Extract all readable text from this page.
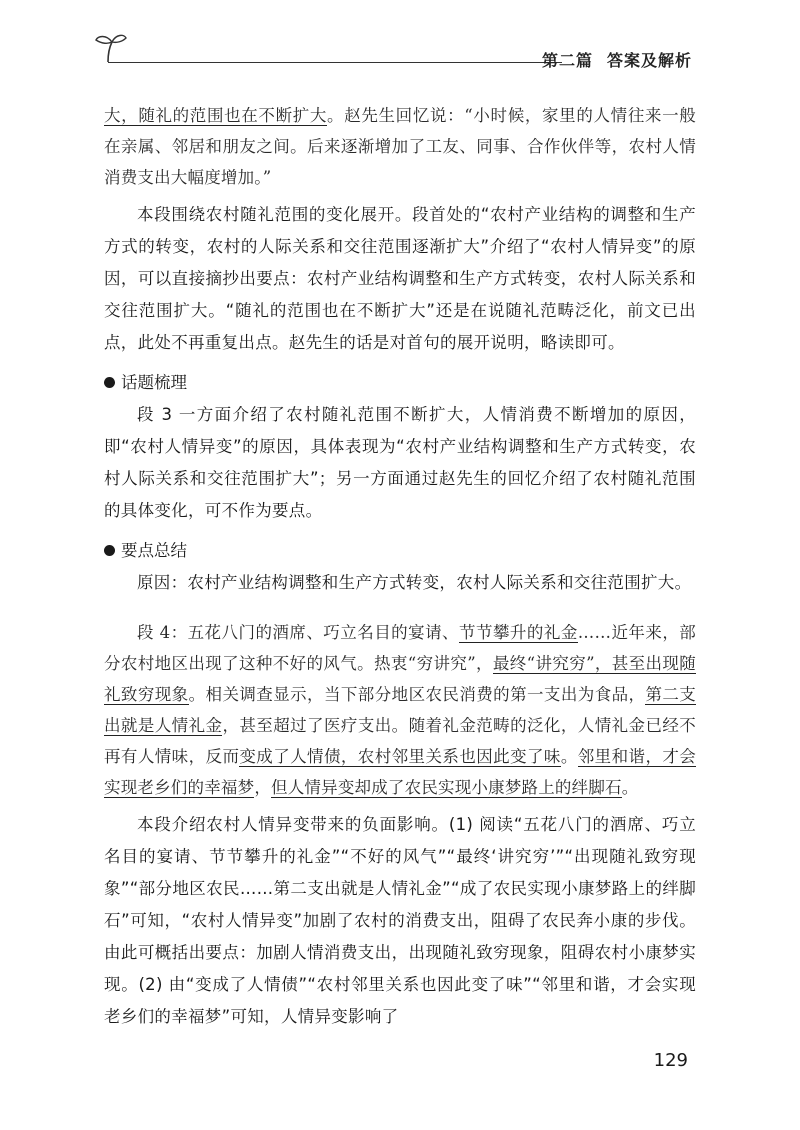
第二篇 答案及解析

大，随礼的范围也在不断扩大。赵先生回忆说：“小时候，家里的人情往来一般在亲属、邻居和朋友之间。后来逐渐增加了工友、同事、合作伙伴等，农村人情消费支出大幅度增加。”

本段围绕农村随礼范围的变化展开。段首处的“农村产业结构的调整和生产方式的转变，农村的人际关系和交往范围逐渐扩大”介绍了“农村人情异变”的原因，可以直接摘抄出要点：农村产业结构调整和生产方式转变，农村人际关系和交往范围扩大。“随礼的范围也在不断扩大”还是在说随礼范畴泛化，前文已出点，此处不再重复出点。赵先生的话是对首句的展开说明，略读即可。

话题梳理

段 3 一方面介绍了农村随礼范围不断扩大，人情消费不断增加的原因，即“农村人情异变”的原因，具体表现为“农村产业结构调整和生产方式转变，农村人际关系和交往范围扩大”；另一方面通过赵先生的回忆介绍了农村随礼范围的具体变化，可不作为要点。

要点总结

原因：农村产业结构调整和生产方式转变，农村人际关系和交往范围扩大。

段 4：五花八门的酒席、巧立名目的宴请、节节攀升的礼金……近年来，部分农村地区出现了这种不好的风气。热衷“穷讲究”，最终“讲究穷”，甚至出现随礼致穷现象。相关调查显示，当下部分地区农民消费的第一支出为食品，第二支出就是人情礼金，甚至超过了医疗支出。随着礼金范畴的泛化，人情礼金已经不再有人情味，反而变成了人情债，农村邻里关系也因此变了味。邻里和谐，才会实现老乡们的幸福梦，但人情异变却成了农民实现小康梦路上的绊脚石。

本段介绍农村人情异变带来的负面影响。(1) 阅读“五花八门的酒席、巧立名目的宴请、节节攀升的礼金”“不好的风气”“最终‘讲究穷’”“出现随礼致穷现象”“部分地区农民……第二支出就是人情礼金”“成了农民实现小康梦路上的绊脚石”可知，“农村人情异变”加剧了农村的消费支出，阻碍了农民奔小康的步伐。由此可概括出要点：加剧人情消费支出，出现随礼致穷现象，阻碍农村小康梦实现。(2) 由“变成了人情债”“农村邻里关系也因此变了味”“邻里和谐，才会实现老乡们的幸福梦”可知，人情异变影响了

129
